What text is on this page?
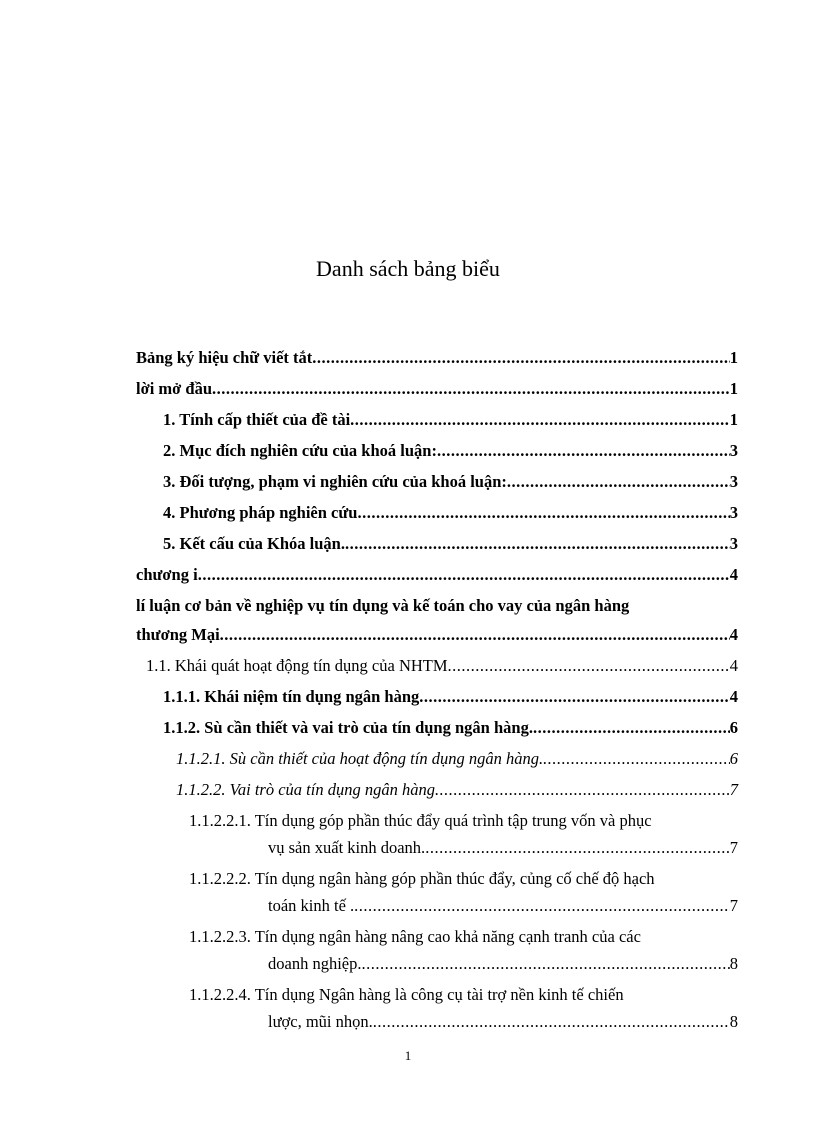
Danh sách bảng biểu
Bảng ký hiệu chữ viết tắt .....	1
lời mở đầu .....	1
1. Tính cấp thiết của đề tài .....	1
2. Mục đích nghiên cứu của khoá luận: .....	3
3. Đối tượng, phạm vi nghiên cứu của khoá luận: .....	3
4. Phương pháp nghiên cứu .....	3
5. Kết cấu của Khóa luận. .....	3
chương i .....	4
lí luận cơ bản về nghiệp vụ tín dụng và kế toán cho vay của ngân hàng
thương Mại .....	4
1.1. Khái quát hoạt động tín dụng của NHTM .....	4
1.1.1. Khái niệm tín dụng ngân hàng .....	4
1.1.2. Sù cần thiết và vai trò của tín dụng ngân hàng. .....	6
1.1.2.1. Sù cần thiết của hoạt động tín dụng ngân hàng. .....	6
1.1.2.2. Vai trò của tín dụng ngân hàng .....	7
1.1.2.2.1. Tín dụng góp phần thúc đẩy quá trình tập trung vốn và phục
vụ sản xuất kinh doanh. .....	7
1.1.2.2.2. Tín dụng ngân hàng góp phần thúc đẩy, củng cố chế độ hạch
toán kinh tế . .....	7
1.1.2.2.3. Tín dụng ngân hàng nâng cao khả năng cạnh tranh của các
doanh nghiệp. .....	8
1.1.2.2.4. Tín dụng Ngân hàng là công cụ tài trợ nền kinh tế chiến
lược, mũi nhọn. .....	8
1
